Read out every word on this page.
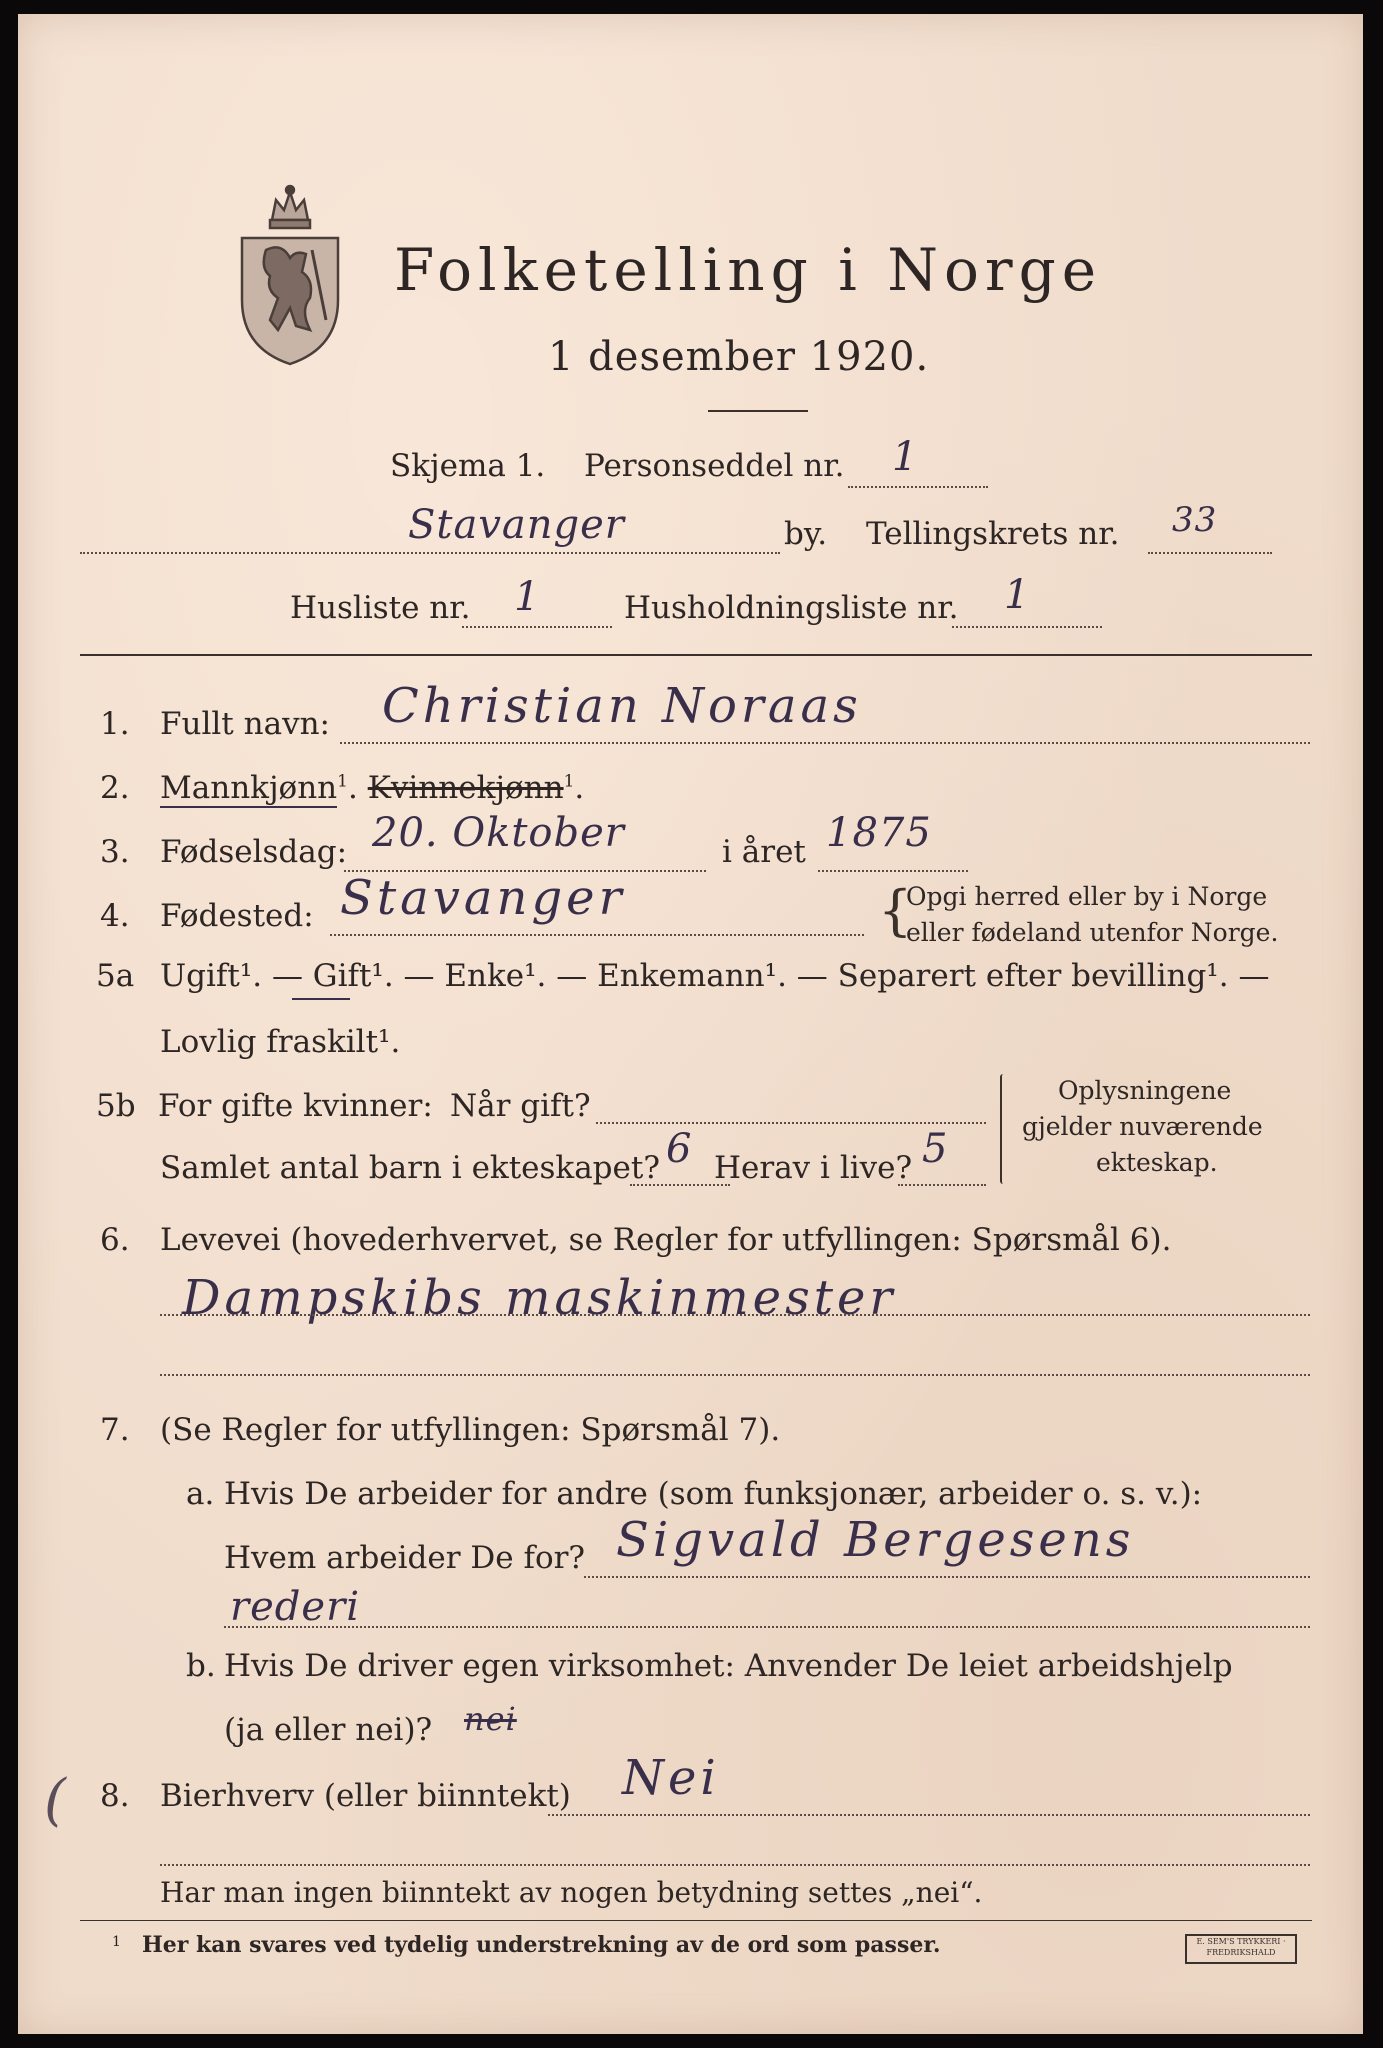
Folketelling i Norge
1 desember 1920.
Skjema 1. Personseddel nr. 1
Stavanger	by. Tellingskrets nr. 33
Husliste nr. 1	Husholdningsliste nr. 1
1. Fullt navn: Christian Noraas
2. Mannkjønn$^1$. Kvinnekjønn$^1$.
3. Fødselsdag: 20. Oktober	i året 1875
4. Fødested: Stavanger	{
Opgi herred eller by i Norge
eller fødeland utenfor Norge.
5a Ugift¹. — Gift¹. — Enke¹. — Enkemann¹. — Separert efter bevilling¹. —
Lovlig fraskilt¹.
5b For gifte kvinner: Når gift?
Samlet antal barn i ekteskapet? 6 Herav i live? 5
Oplysningene
gjelder nuværende
ekteskap.
6. Levevei (hovederhvervet, se Regler for utfyllingen: Spørsmål 6).
Dampskibs maskinmester
7. (Se Regler for utfyllingen: Spørsmål 7).
a. Hvis De arbeider for andre (som funksjonær, arbeider o. s. v.):
Hvem arbeider De for? Sigvald Bergesens
rederi
b. Hvis De driver egen virksomhet: Anvender De leiet arbeidshjelp
(ja eller nei)? nei
( 8. Bierhverv (eller biinntekt) Nei
Har man ingen biinntekt av nogen betydning settes „nei“.
1 Her kan svares ved tydelig understrekning av de ord som passer.	E. SEM'S TRYKKERI · FREDRIKSHALD
